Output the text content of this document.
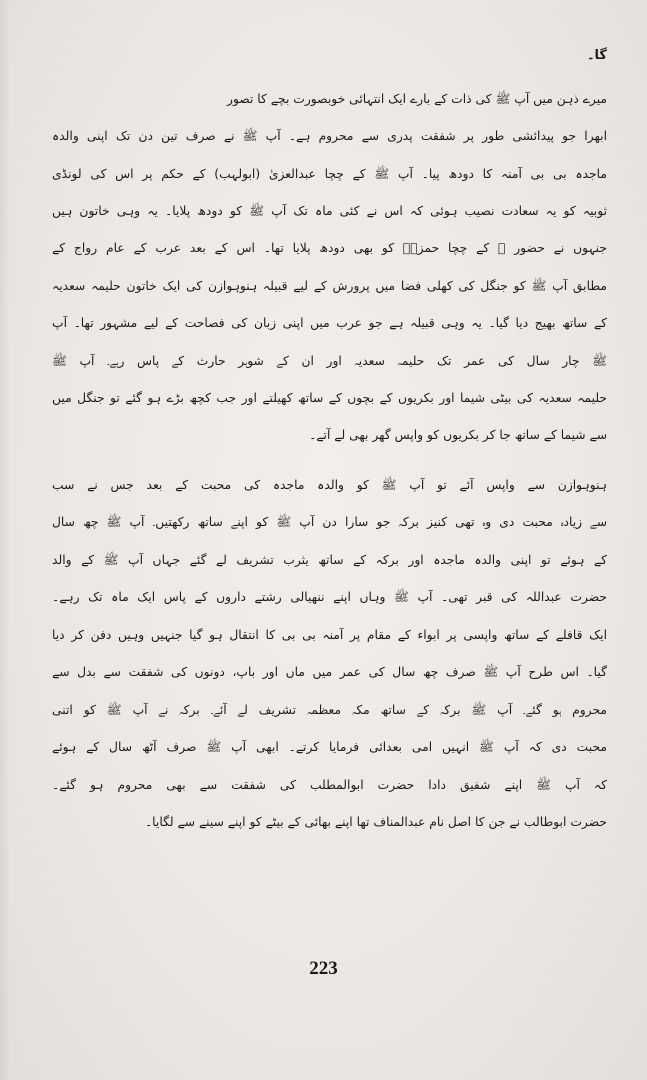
گا۔
میرے ذہن میں آپ ﷺ کی ذات کے بارے ایک انتہائی خوبصورت بچے کا تصور
ابھرا جو پیدائشی طور پر شفقت پدری سے محروم ہے۔ آپ ﷺ نے صرف تین دن تک اپنی والدہ
ماجدہ بی بی آمنہ کا دودھ پیا۔ آپ ﷺ کے چچا عبدالعزیٰ (ابولہب) کے حکم پر اس کی لونڈی
ثوبیہ کو یہ سعادت نصیب ہوئی کہ اس نے کئی ماہ تک آپ ﷺ کو دودھ پلایا۔ یہ وہی خاتون ہیں
جنہوں نے حضور ﷺ کے چچا حمزہؓ کو بھی دودھ پلایا تھا۔ اس کے بعد عرب کے عام رواج کے
مطابق آپ ﷺ کو جنگل کی کھلی فضا میں پرورش کے لیے قبیلہ ہنوہوازن کی ایک خاتون حلیمہ سعدیہ
کے ساتھ بھیج دیا گیا۔ یہ وہی قبیلہ ہے جو عرب میں اپنی زبان کی فصاحت کے لیے مشہور تھا۔ آپ
ﷺ چار سال کی عمر تک حلیمہ سعدیہ اور ان کے شوہر حارث کے پاس رہے۔ آپ ﷺ
حلیمہ سعدیہ کی بیٹی شیما اور بکریوں کے بچوں کے ساتھ کھیلتے اور جب کچھ بڑے ہو گئے تو جنگل میں
سے شیما کے ساتھ جا کر بکریوں کو واپس گھر بھی لے آتے۔
ہنوہوازن سے واپس آئے تو آپ ﷺ کو والدہ ماجدہ کی محبت کے بعد جس نے سب
سے زیادہ محبت دی وہ تھی کنیز برکہ جو سارا دن آپ ﷺ کو اپنے ساتھ رکھتیں۔ آپ ﷺ چھ سال
کے ہوئے تو اپنی والدہ ماجدہ اور برکہ کے ساتھ یثرب تشریف لے گئے جہاں آپ ﷺ کے والد
حضرت عبداللہ کی قبر تھی۔ آپ ﷺ وہاں اپنے ننھیالی رشتے داروں کے پاس ایک ماہ تک رہے۔
ایک قافلے کے ساتھ واپسی پر ابواء کے مقام پر آمنہ بی بی کا انتقال ہو گیا جنہیں وہیں دفن کر دیا
گیا۔ اس طرح آپ ﷺ صرف چھ سال کی عمر میں ماں اور باپ، دونوں کی شفقت سے بدل سے
محروم ہو گئے۔ آپ ﷺ برکہ کے ساتھ مکہ معظمہ تشریف لے آئے۔ برکہ نے آپ ﷺ کو اتنی
محبت دی کہ آپ ﷺ انہیں امی بعدائی فرمایا کرتے۔ ابھی آپ ﷺ صرف آٹھ سال کے ہوئے
کہ آپ ﷺ اپنے شفیق دادا حضرت ابوالمطلب کی شفقت سے بھی محروم ہو گئے۔
حضرت ابوطالب نے جن کا اصل نام عبدالمناف تھا اپنے بھائی کے بیٹے کو اپنے سینے سے لگایا۔
223
